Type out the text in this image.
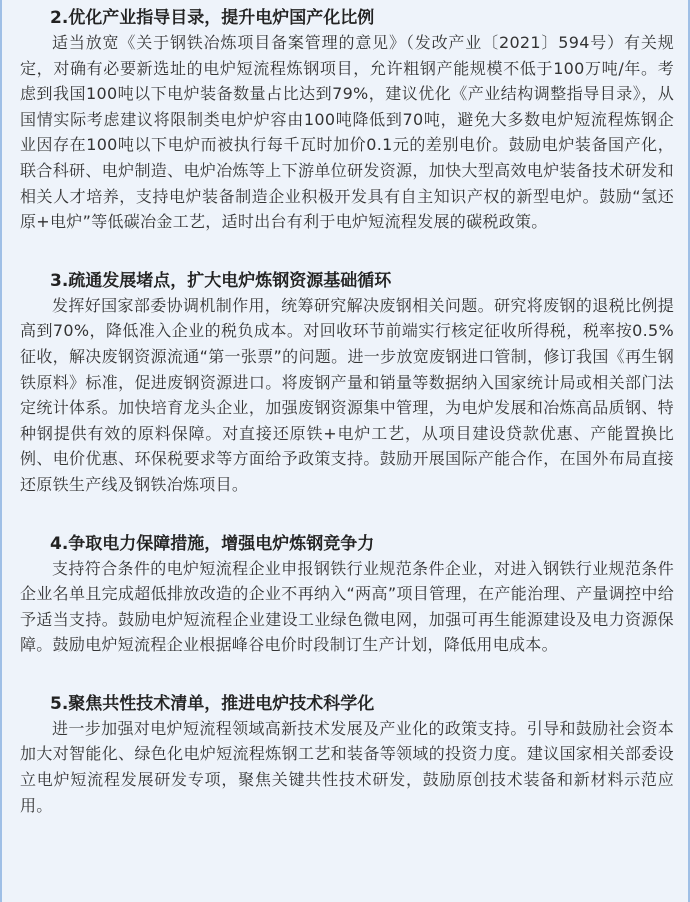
2.优化产业指导目录，提升电炉国产化比例

适当放宽《关于钢铁冶炼项目备案管理的意见》（发改产业〔2021〕594号）有关规定，对确有必要新选址的电炉短流程炼钢项目，允许粗钢产能规模不低于100万吨/年。考虑到我国100吨以下电炉装备数量占比达到79%，建议优化《产业结构调整指导目录》，从国情实际考虑建议将限制类电炉炉容由100吨降低到70吨，避免大多数电炉短流程炼钢企业因存在100吨以下电炉而被执行每千瓦时加价0.1元的差别电价。鼓励电炉装备国产化，联合科研、电炉制造、电炉冶炼等上下游单位研发资源，加快大型高效电炉装备技术研发和相关人才培养，支持电炉装备制造企业积极开发具有自主知识产权的新型电炉。鼓励“氢还原+电炉”等低碳冶金工艺，适时出台有利于电炉短流程发展的碳税政策。

3.疏通发展堵点，扩大电炉炼钢资源基础循环

发挥好国家部委协调机制作用，统筹研究解决废钢相关问题。研究将废钢的退税比例提高到70%，降低准入企业的税负成本。对回收环节前端实行核定征收所得税，税率按0.5%征收，解决废钢资源流通“第一张票”的问题。进一步放宽废钢进口管制，修订我国《再生钢铁原料》标准，促进废钢资源进口。将废钢产量和销量等数据纳入国家统计局或相关部门法定统计体系。加快培育龙头企业，加强废钢资源集中管理，为电炉发展和冶炼高品质钢、特种钢提供有效的原料保障。对直接还原铁+电炉工艺，从项目建设贷款优惠、产能置换比例、电价优惠、环保税要求等方面给予政策支持。鼓励开展国际产能合作，在国外布局直接还原铁生产线及钢铁冶炼项目。

4.争取电力保障措施，增强电炉炼钢竞争力

支持符合条件的电炉短流程企业申报钢铁行业规范条件企业，对进入钢铁行业规范条件企业名单且完成超低排放改造的企业不再纳入“两高”项目管理，在产能治理、产量调控中给予适当支持。鼓励电炉短流程企业建设工业绿色微电网，加强可再生能源建设及电力资源保障。鼓励电炉短流程企业根据峰谷电价时段制订生产计划，降低用电成本。

5.聚焦共性技术清单，推进电炉技术科学化

进一步加强对电炉短流程领域高新技术发展及产业化的政策支持。引导和鼓励社会资本加大对智能化、绿色化电炉短流程炼钢工艺和装备等领域的投资力度。建议国家相关部委设立电炉短流程发展研发专项，聚焦关键共性技术研发，鼓励原创技术装备和新材料示范应用。
